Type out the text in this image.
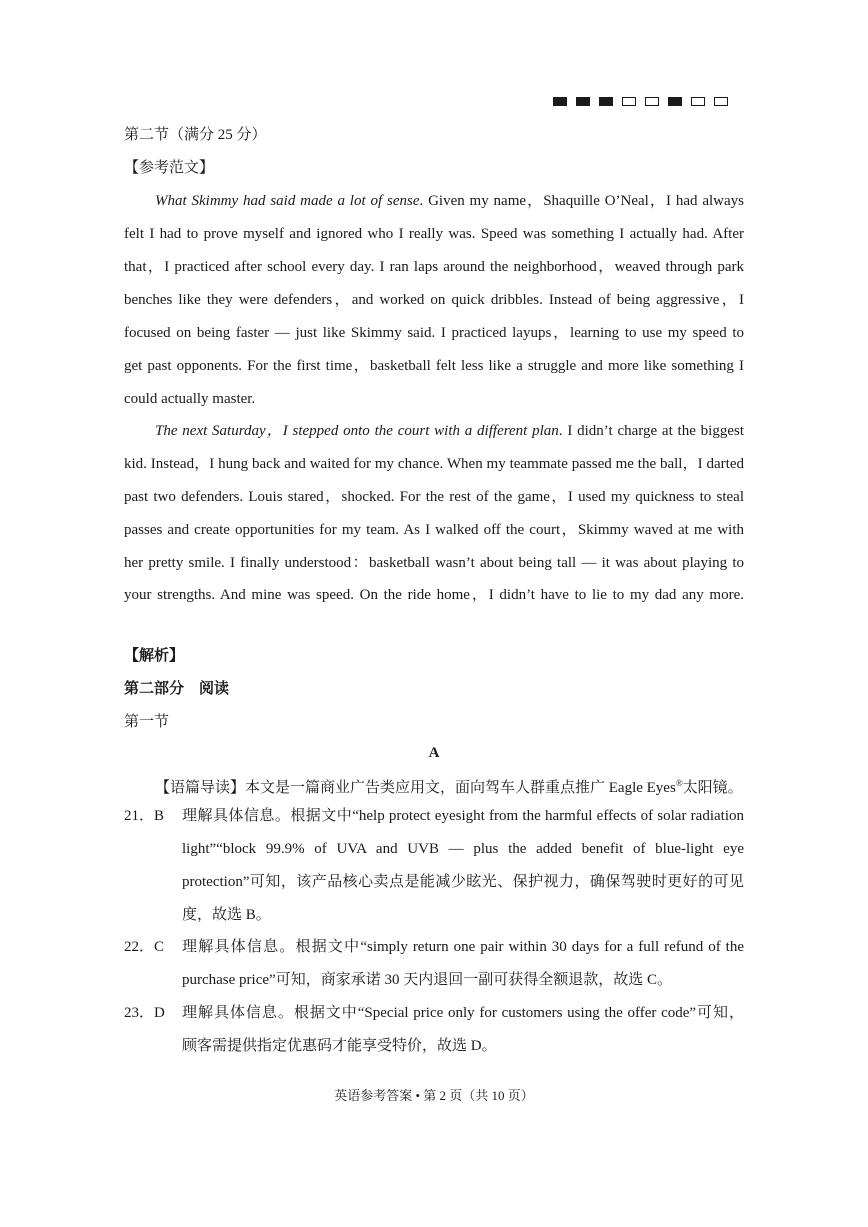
第二节（满分 25 分）
【参考范文】
What Skimmy had said made a lot of sense. Given my name，Shaquille O’Neal，I had always
felt I had to prove myself and ignored who I really was. Speed was something I actually had. After
that，I practiced after school every day. I ran laps around the neighborhood，weaved through park
benches like they were defenders，and worked on quick dribbles. Instead of being aggressive，I
focused on being faster — just like Skimmy said. I practiced layups，learning to use my speed to
get past opponents. For the first time，basketball felt less like a struggle and more like something I
could actually master.
The next Saturday，I stepped onto the court with a different plan. I didn’t charge at the biggest
kid. Instead，I hung back and waited for my chance. When my teammate passed me the ball，I darted
past two defenders. Louis stared，shocked. For the rest of the game，I used my quickness to steal
passes and create opportunities for my team. As I walked off the court，Skimmy waved at me with
her pretty smile. I finally understood：basketball wasn’t about being tall — it was about playing to
your strengths. And mine was speed. On the ride home，I didn’t have to lie to my dad any more.
【解析】
第二部分　阅读
第一节
A
【语篇导读】本文是一篇商业广告类应用文，面向驾车人群重点推广 Eagle Eyes®太阳镜。
21．B	理解具体信息。根据文中“help protect eyesight from the harmful effects of solar radiation
light”“block 99.9% of UVA and UVB — plus the added benefit of blue-light eye
protection”可知，该产品核心卖点是能减少眩光、保护视力，确保驾驶时更好的可见
度，故选 B。
22．C	理解具体信息。根据文中“simply return one pair within 30 days for a full refund of the
purchase price”可知，商家承诺 30 天内退回一副可获得全额退款，故选 C。
23．D	理解具体信息。根据文中“Special price only for customers using the offer code”可知，
顾客需提供指定优惠码才能享受特价，故选 D。
英语参考答案 • 第 2 页（共 10 页）
